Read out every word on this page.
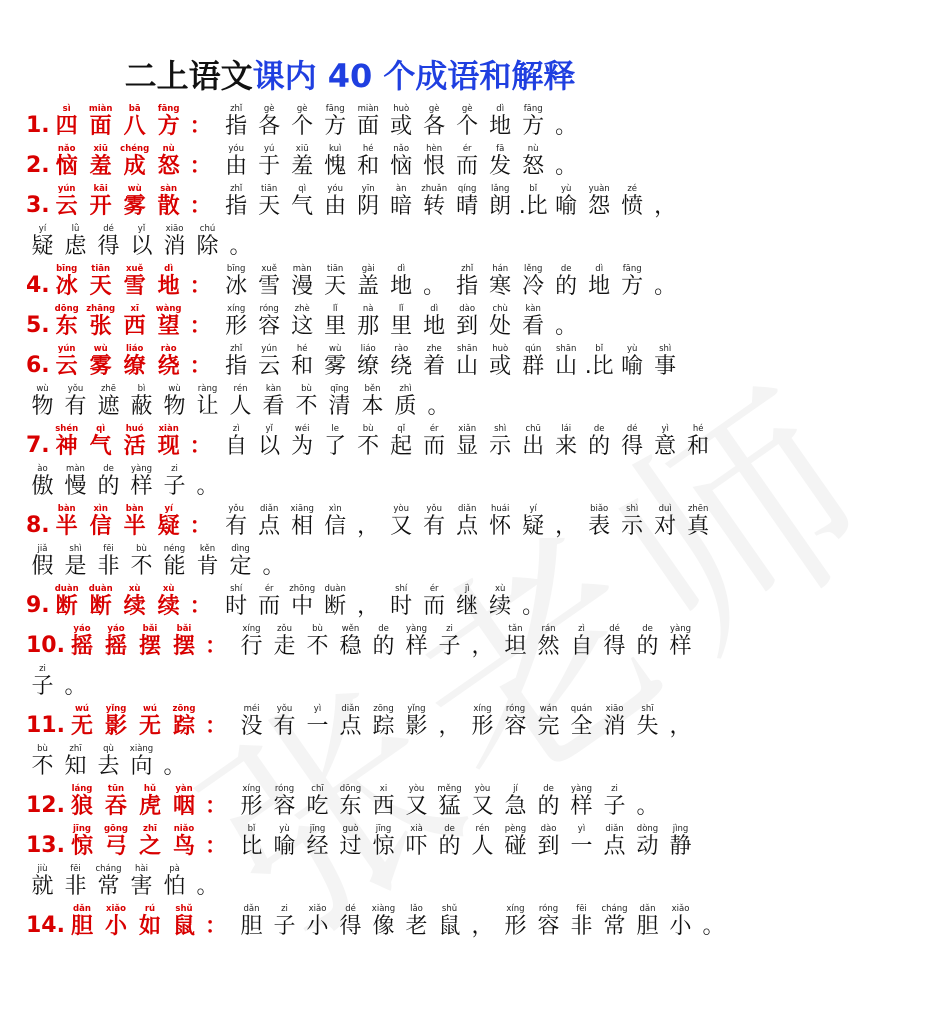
二上语文课内 40 个成语和解释
1.
sì
四
miàn
面
bā
八
fāng
方 ：
zhǐ
指
gè
各
gè
个
fāng
方
miàn
面
huò
或
gè
各
gè
个
dì
地
fāng
方 。
2.
nǎo
恼
xiū
羞
chéng
成
nù
怒 ：
yóu
由
yú
于
xiū
羞
kuì
愧
hé
和
nǎo
恼
hèn
恨
ér
而
fā
发
nù
怒 。
3.
yún
云
kāi
开
wù
雾
sàn
散 ：
zhǐ
指
tiān
天
qì
气
yóu
由
yīn
阴
àn
暗
zhuǎn
转
qíng
晴
lǎng
朗
bǐ
.比
yù
喻
yuàn
怨
zé
愤 ，
yí
疑
lǜ
虑
dé
得
yǐ
以
xiāo
消
chú
除 。
4.
bīng
冰
tiān
天
xuě
雪
dì
地 ：
bīng
冰
xuě
雪
màn
漫
tiān
天
gài
盖
dì
地 。
zhǐ
指
hán
寒
lěng
冷
de
的
dì
地
fāng
方 。
5.
dōng
东
zhāng
张
xī
西
wàng
望 ：
xíng
形
róng
容
zhè
这
lǐ
里
nà
那
lǐ
里
dì
地
dào
到
chù
处
kàn
看 。
6.
yún
云
wù
雾
liáo
缭
rào
绕 ：
zhǐ
指
yún
云
hé
和
wù
雾
liáo
缭
rào
绕
zhe
着
shān
山
huò
或
qún
群
shān
山
bǐ
.比
yù
喻
shì
事
wù
物
yǒu
有
zhē
遮
bì
蔽
wù
物
ràng
让
rén
人
kàn
看
bù
不
qīng
清
běn
本
zhì
质 。
7.
shén
神
qì
气
huó
活
xiàn
现 ：
zì
自
yǐ
以
wéi
为
le
了
bù
不
qǐ
起
ér
而
xiǎn
显
shì
示
chū
出
lái
来
de
的
dé
得
yì
意
hé
和
ào
傲
màn
慢
de
的
yàng
样
zi
子 。
8.
bàn
半
xìn
信
bàn
半
yí
疑 ：
yǒu
有
diǎn
点
xiāng
相
xìn
信 ，
yòu
又
yǒu
有
diǎn
点
huái
怀
yí
疑 ，
biǎo
表
shì
示
duì
对
zhēn
真
jiǎ
假
shì
是
fēi
非
bù
不
néng
能
kěn
肯
dìng
定 。
9.
duàn
断
duàn
断
xù
续
xù
续 ：
shí
时
ér
而
zhōng
中
duàn
断 ，
shí
时
ér
而
jì
继
xù
续 。
10.
yáo
摇
yáo
摇
bǎi
摆
bǎi
摆 ：
xíng
行
zǒu
走
bù
不
wěn
稳
de
的
yàng
样
zi
子 ，
tǎn
坦
rán
然
zì
自
dé
得
de
的
yàng
样
zi
子 。
11.
wú
无
yǐng
影
wú
无
zōng
踪 ：
méi
没
yǒu
有
yì
一
diǎn
点
zōng
踪
yǐng
影 ，
xíng
形
róng
容
wán
完
quán
全
xiāo
消
shī
失 ，
bù
不
zhī
知
qù
去
xiàng
向 。
12.
láng
狼
tūn
吞
hǔ
虎
yàn
咽 ：
xíng
形
róng
容
chī
吃
dōng
东
xi
西
yòu
又
měng
猛
yòu
又
jí
急
de
的
yàng
样
zi
子 。
13.
jīng
惊
gōng
弓
zhī
之
niǎo
鸟 ：
bǐ
比
yù
喻
jīng
经
guò
过
jīng
惊
xià
吓
de
的
rén
人
pèng
碰
dào
到
yì
一
diǎn
点
dòng
动
jìng
静
jiù
就
fēi
非
cháng
常
hài
害
pà
怕 。
14.
dǎn
胆
xiǎo
小
rú
如
shǔ
鼠 ：
dǎn
胆
zi
子
xiǎo
小
dé
得
xiàng
像
lǎo
老
shǔ
鼠 ，
xíng
形
róng
容
fēi
非
cháng
常
dǎn
胆
xiǎo
小 。
